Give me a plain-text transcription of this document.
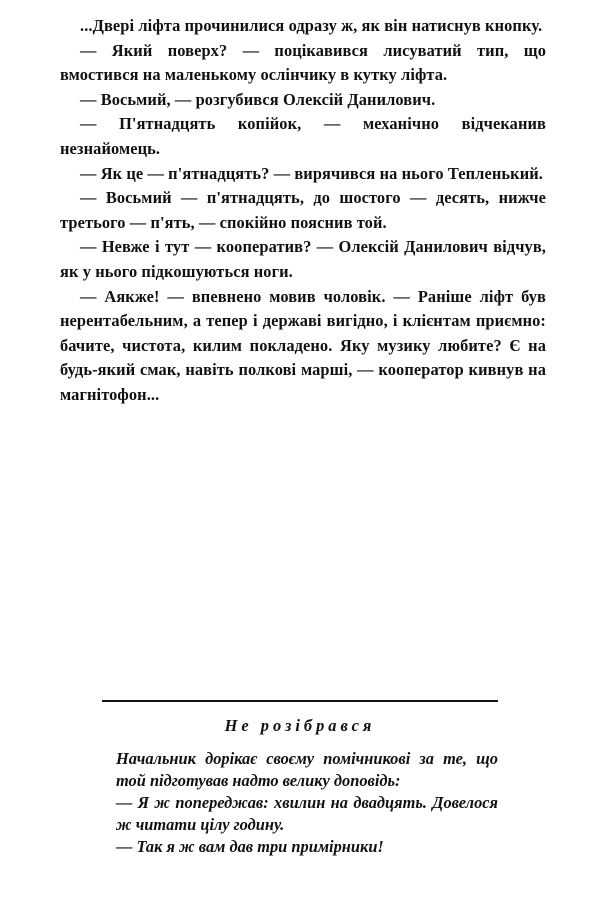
...Двері ліфта прочинилися одразу ж, як він натиснув кнопку.

— Який поверх? — поцікавився лисуватий тип, що вмостився на маленькому ослінчику в кутку ліфта.

— Восьмий, — розгубився Олексій Данилович.

— П'ятнадцять копійок, — механічно відчеканив незнайомець.

— Як це — п'ятнадцять? — вирячився на нього Тепленький.

— Восьмий — п'ятнадцять, до шостого — десять, нижче третього — п'ять, — спокійно пояснив той.

— Невже і тут — кооператив? — Олексій Данилович відчув, як у нього підкошуються ноги.

— Аякже! — впевнено мовив чоловік. — Раніше ліфт був нерентабельним, а тепер і державі вигідно, і клієнтам приємно: бачите, чистота, килим покладено. Яку музику любите? Є на будь-який смак, навіть полкові марші, — кооператор кивнув на магнітофон...

Не розібрався

Начальник дорікає своєму помічникові за те, що той підготував надто велику доповідь:

— Я ж попереджав: хвилин на двадцять. Довелося ж читати цілу годину.

— Так я ж вам дав три примірники!
